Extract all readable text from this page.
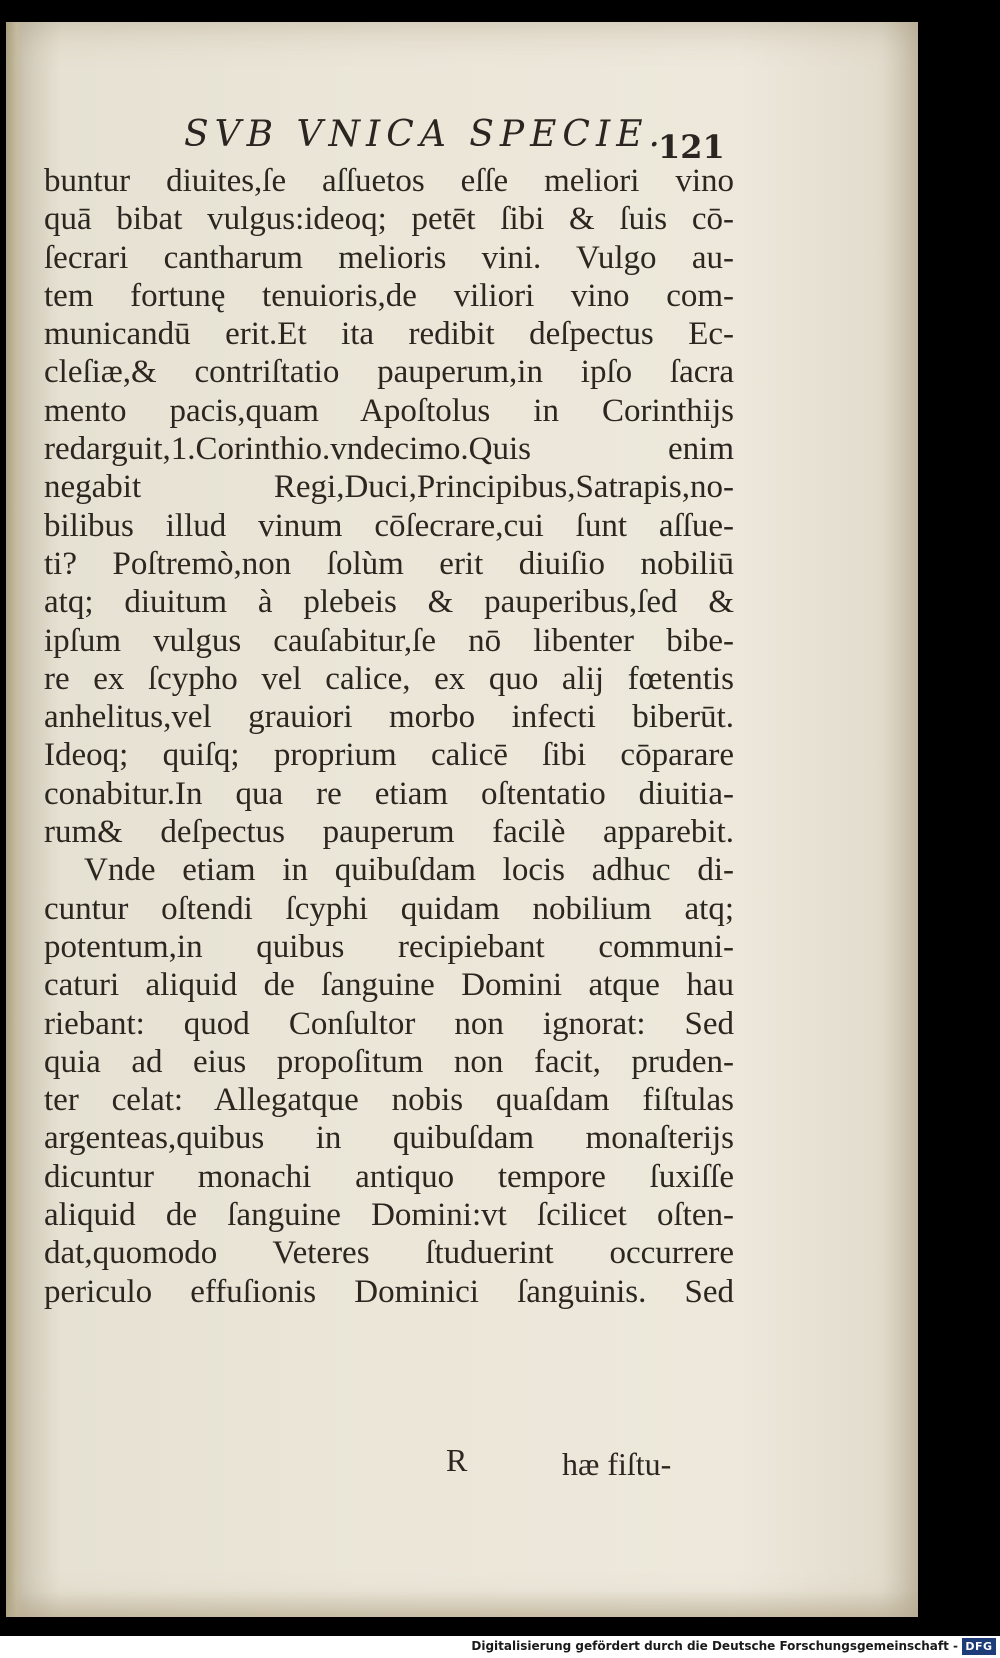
SVB VNICA SPECIE.
121
buntur diuites,ſe aſſuetos eſſe meliori vino
quā bibat vulgus:ideoq; petēt ſibi & ſuis cō-
ſecrari cantharum melioris vini. Vulgo au-
tem fortunę tenuioris,de viliori vino com-
municandū erit.Et ita redibit deſpectus Ec-
cleſiæ,& contriſtatio pauperum,in ipſo ſacra
mento pacis,quam Apoſtolus in Corinthijs
redarguit,1.Corinthio.vndecimo.Quis enim
negabit Regi,Duci,Principibus,Satrapis,no-
bilibus illud vinum cōſecrare,cui ſunt aſſue-
ti? Poſtremò,non ſolùm erit diuiſio nobiliū
atq; diuitum à plebeis & pauperibus,ſed &
ipſum vulgus cauſabitur,ſe nō libenter bibe-
re ex ſcypho vel calice, ex quo alij fœtentis
anhelitus,vel grauiori morbo infecti biberūt.
Ideoq; quiſq; proprium calicē ſibi cōparare
conabitur.In qua re etiam oſtentatio diuitia-
rum& deſpectus pauperum facilè apparebit.
Vnde etiam in quibuſdam locis adhuc di-
cuntur oſtendi ſcyphi quidam nobilium atq;
potentum,in quibus recipiebant communi-
caturi aliquid de ſanguine Domini atque hau
riebant: quod Conſultor non ignorat: Sed
quia ad eius propoſitum non facit, pruden-
ter celat: Allegatque nobis quaſdam fiſtulas
argenteas,quibus in quibuſdam monaſterijs
dicuntur monachi antiquo tempore ſuxiſſe
aliquid de ſanguine Domini:vt ſcilicet oſten-
dat,quomodo Veteres ſtuduerint occurrere
periculo effuſionis Dominici ſanguinis. Sed
R	hæ fiſtu-
Digitalisierung gefördert durch die Deutsche Forschungsgemeinschaft - DFG
